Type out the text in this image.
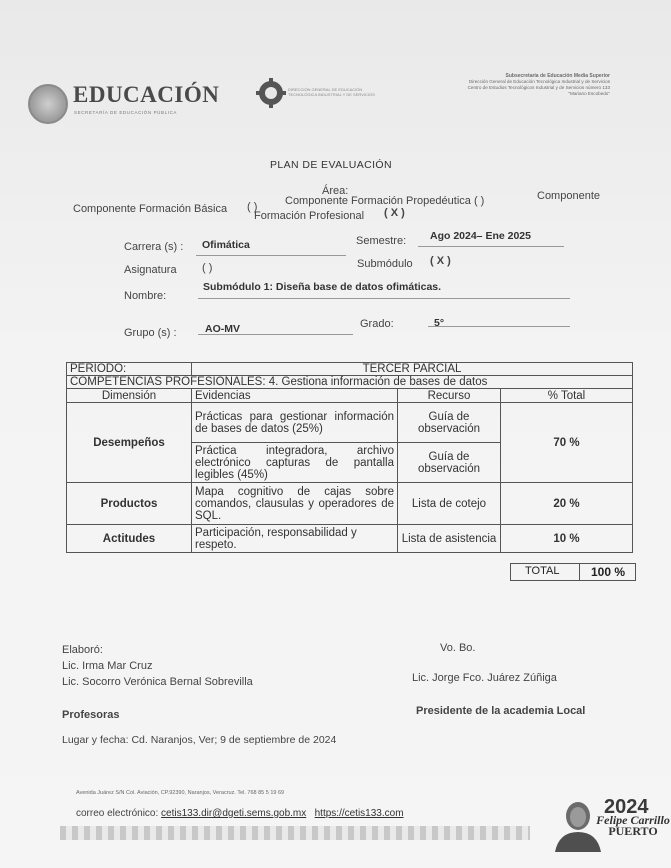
EDUCACIÓN
SECRETARÍA DE EDUCACIÓN PÚBLICA
DIRECCIÓN GENERAL DE EDUCACIÓN TECNOLÓGICA INDUSTRIAL Y DE SERVICIOS
Subsecretaría de Educación Media Superior
Dirección General de Educación Tecnológica Industrial y de Servicios
Centro de Estudios Tecnológicos Industrial y de Servicios número 133
"Mariano Escobedo"
PLAN DE EVALUACIÓN
Área:
Componente Formación Básica ( )	Componente Formación Propedéutica ( )	Componente
Formación Profesional ( X )
Carrera (s) : Ofimática	Semestre: Ago 2024– Ene 2025
Asignatura ( )	Submódulo ( X )
Nombre:
Submódulo 1: Diseña base de datos ofimáticas.
Grupo (s) :	AO-MV	Grado:	5°
PERIODO:	TERCER PARCIAL		
COMPETENCIAS PROFESIONALES: 4. Gestiona información de bases de datos			
Dimensión	Evidencias	Recurso	% Total
Desempeños	Prácticas para gestionar información de bases de datos (25%)	Guía de observación	70 %
	Práctica integradora, archivo electrónico capturas de pantalla legibles (45%)	Guía de observación	
Productos	Mapa cognitivo de cajas sobre comandos, clausulas y operadores de SQL.	Lista de cotejo	20 %
Actitudes	Participación, responsabilidad y respeto.	Lista de asistencia	10 %
TOTAL	100 %
Elaboró:
Lic. Irma Mar Cruz
Lic. Socorro Verónica Bernal Sobrevilla
Vo. Bo.
Lic. Jorge Fco. Juárez Zúñiga
Profesoras	Presidente de la academia Local
Lugar y fecha: Cd. Naranjos, Ver; 9 de septiembre de 2024
Avenida Juárez S/N Col. Aviación, CP.92390, Naranjos, Veracruz. Tel. 768 85 5 19 69
correo electrónico: cetis133.dir@dgeti.sems.gob.mx https://cetis133.com	2024
Felipe Carrillo
PUERTO
